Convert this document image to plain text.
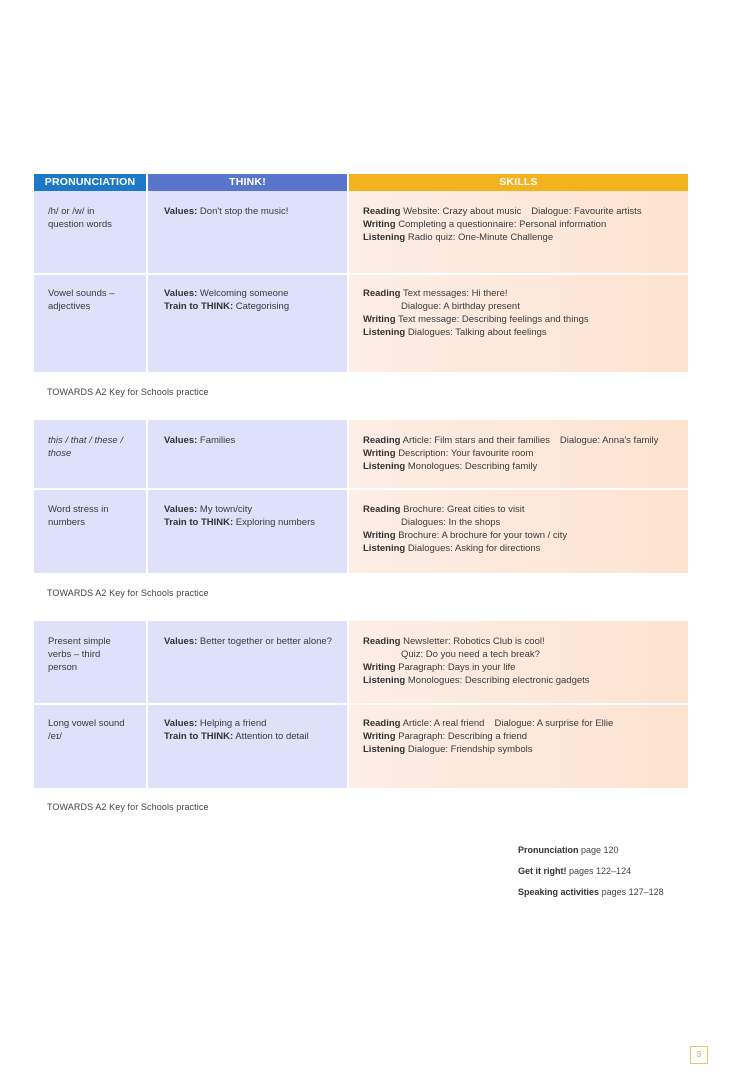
PRONUNCIATION	THINK!	SKILLS
/h/ or /w/ in
question words
Vowel sounds –
adjectives
Values: Don't stop the music!
Values: Welcoming someone
Train to THINK: Categorising
Reading Website: Crazy about music Dialogue: Favourite artists
Writing Completing a questionnaire: Personal information
Listening Radio quiz: One-Minute Challenge
Reading Text messages: Hi there!
Dialogue: A birthday present
Writing Text message: Describing feelings and things
Listening Dialogues: Talking about feelings
TOWARDS A2 Key for Schools practice
this / that / these /
those
Word stress in
numbers
Values: Families
Values: My town/city
Train to THINK: Exploring numbers
Reading Article: Film stars and their families Dialogue: Anna's family
Writing Description: Your favourite room
Listening Monologues: Describing family
Reading Brochure: Great cities to visit
Dialogues: In the shops
Writing Brochure: A brochure for your town / city
Listening Dialogues: Asking for directions
TOWARDS A2 Key for Schools practice
Present simple
verbs – third
person
Long vowel sound
/eɪ/
Values: Better together or better alone?
Values: Helping a friend
Train to THINK: Attention to detail
Reading Newsletter: Robotics Club is cool!
Quiz: Do you need a tech break?
Writing Paragraph: Days in your life
Listening Monologues: Describing electronic gadgets
Reading Article: A real friend Dialogue: A surprise for Ellie
Writing Paragraph: Describing a friend
Listening Dialogue: Friendship symbols
TOWARDS A2 Key for Schools practice
Pronunciation page 120
Get it right! pages 122–124
Speaking activities pages 127–128
3
